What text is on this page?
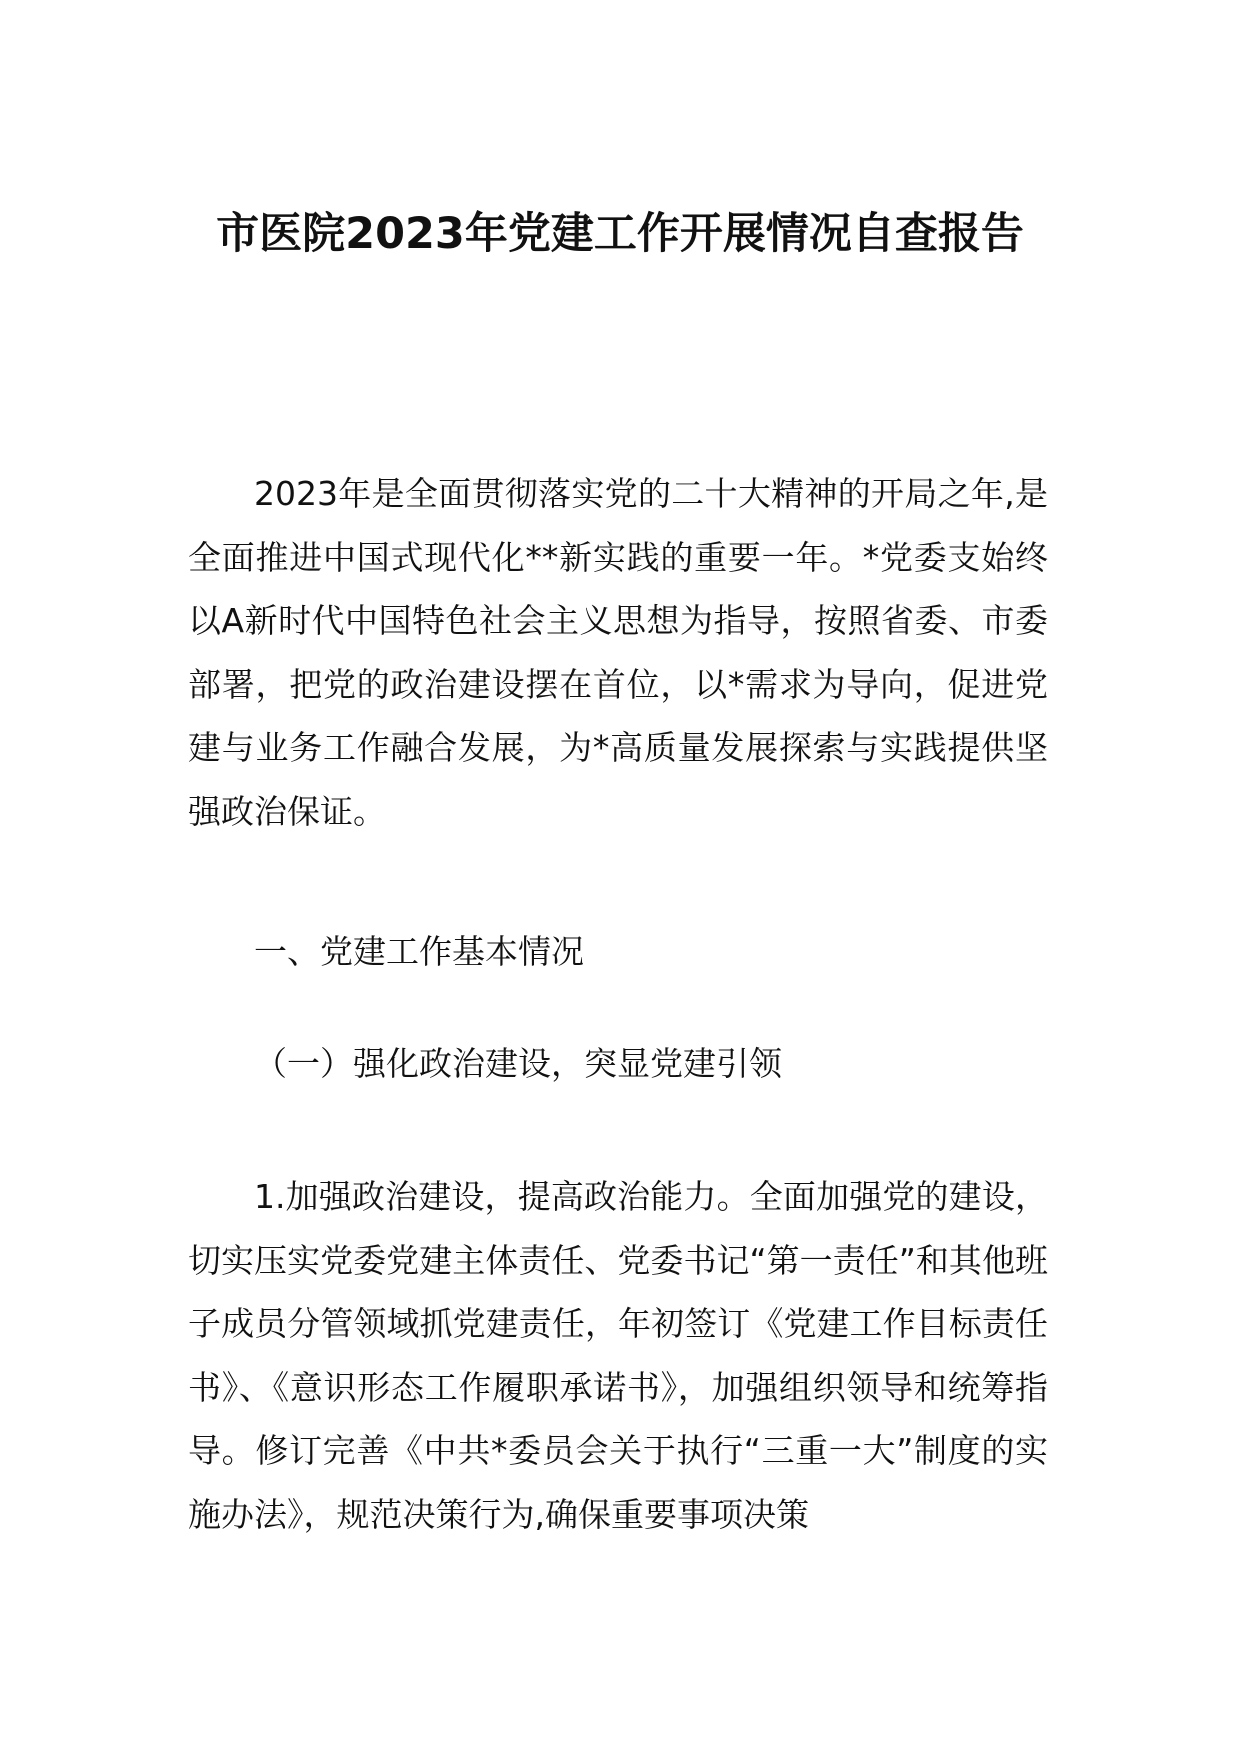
市医院2023年党建工作开展情况自查报告

2023年是全面贯彻落实党的二十大精神的开局之年,是全面推进中国式现代化**新实践的重要一年。*党委支始终以A新时代中国特色社会主义思想为指导，按照省委、市委部署，把党的政治建设摆在首位，以*需求为导向，促进党建与业务工作融合发展，为*高质量发展探索与实践提供坚强政治保证。

一、党建工作基本情况
（一）强化政治建设，突显党建引领

1.加强政治建设，提高政治能力。全面加强党的建设，切实压实党委党建主体责任、党委书记“第一责任”和其他班子成员分管领域抓党建责任，年初签订《党建工作目标责任书》、《意识形态工作履职承诺书》，加强组织领导和统筹指导。修订完善《中共*委员会关于执行“三重一大”制度的实施办法》，规范决策行为,确保重要事项决策
